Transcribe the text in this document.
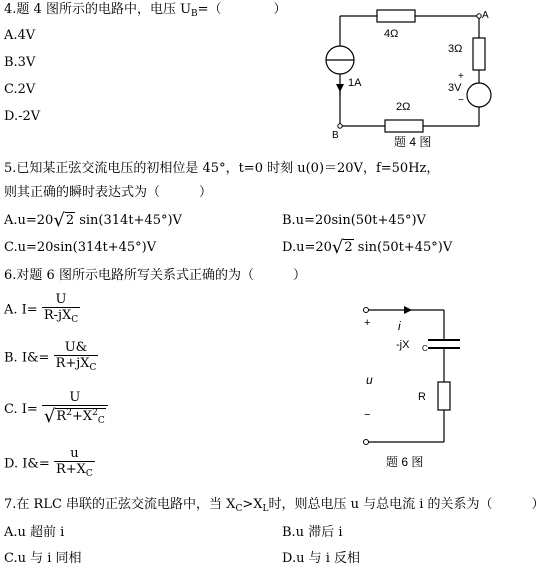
4.题 4 图所示的电路中，电压 $U_B=$（　　　　）
A.4V
B.3V
C.2V
D.-2V
4Ω
3Ω
2Ω
1A	3V
+
−
A
B	题 4 图
5.已知某正弦交流电压的初相位是 45°，t=0 时刻 u(0)＝20V，f=50Hz，
则其正确的瞬时表达式为（　　　）
A.u=20√2 sin(314t+45°)V	B.u=20sin(50t+45°)V
C.u=20sin(314t+45°)V	D.u=20√2 sin(50t+45°)V
6.对题 6 图所示电路所写关系式正确的为（　　　）
A. $I= \frac{U}{R-jX_C}$
B. I&= $\frac{U\&}{R+jX_C}$
C. $I= \frac{U}{√R^2+X^2_C}$
D. I&= $\frac{u}{R+X_C}$
i
+
u
−
-jX C
R
题 6 图
7.在 RLC 串联的正弦交流电路中，当 $X_C>X_L$时，则总电压 u 与总电流 i 的关系为（　　　）
A.u 超前 i	B.u 滞后 i
C.u 与 i 同相	D.u 与 i 反相
